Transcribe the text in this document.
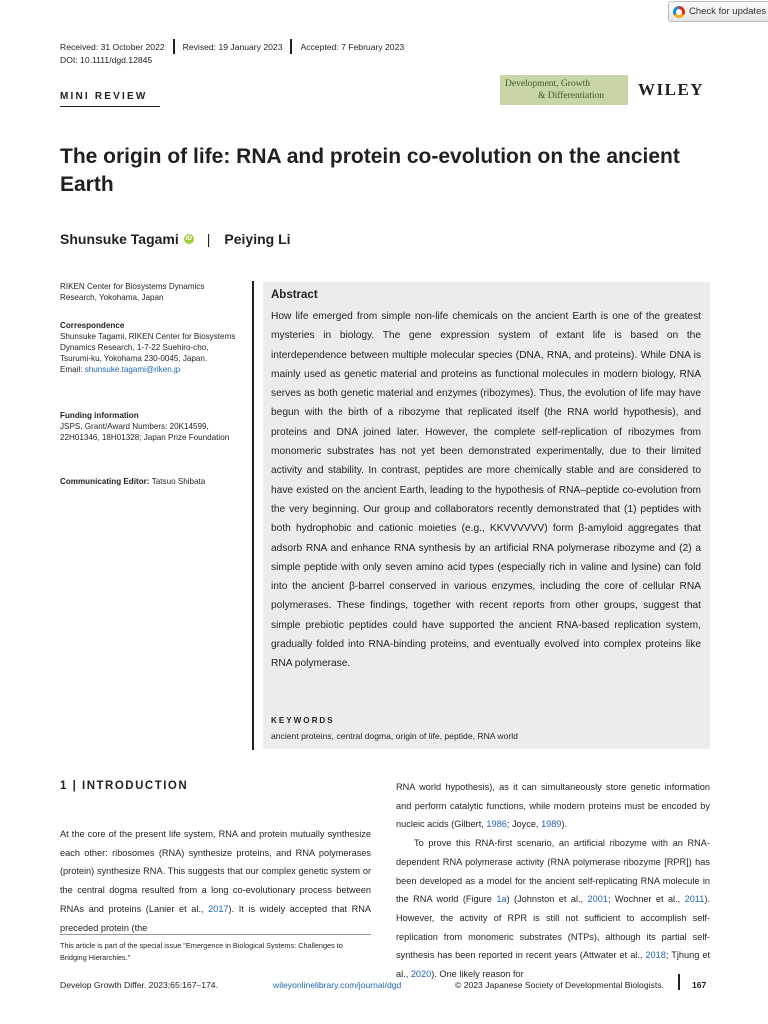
Check for updates
Received: 31 October 2022 Revised: 19 January 2023 Accepted: 7 February 2023
DOI: 10.1111/dgd.12845
MINI REVIEW
Development, Growth
& Differentiation WILEY
The origin of life: RNA and protein co-evolution on the ancient Earth
Shunsuke Tagami iD | Peiying Li
RIKEN Center for Biosystems Dynamics Research, Yokohama, Japan
Correspondence
Shunsuke Tagami, RIKEN Center for Biosystems Dynamics Research, 1-7-22 Suehiro-cho, Tsurumi-ku, Yokohama 230-0045, Japan.
Email: shunsuke.tagami@riken.jp
Funding information
JSPS, Grant/Award Numbers: 20K14599, 22H01346, 18H01328; Japan Prize Foundation
Communicating Editor: Tatsuo Shibata
Abstract
How life emerged from simple non-life chemicals on the ancient Earth is one of the greatest mysteries in biology. The gene expression system of extant life is based on the interdependence between multiple molecular species (DNA, RNA, and proteins). While DNA is mainly used as genetic material and proteins as functional molecules in modern biology, RNA serves as both genetic material and enzymes (ribozymes). Thus, the evolution of life may have begun with the birth of a ribozyme that replicated itself (the RNA world hypothesis), and proteins and DNA joined later. However, the complete self-replication of ribozymes from monomeric substrates has not yet been demonstrated experimentally, due to their limited activity and stability. In contrast, peptides are more chemically stable and are considered to have existed on the ancient Earth, leading to the hypothesis of RNA–peptide co-evolution from the very beginning. Our group and collaborators recently demonstrated that (1) peptides with both hydrophobic and cationic moieties (e.g., KKVVVVVV) form β-amyloid aggregates that adsorb RNA and enhance RNA synthesis by an artificial RNA polymerase ribozyme and (2) a simple peptide with only seven amino acid types (especially rich in valine and lysine) can fold into the ancient β-barrel conserved in various enzymes, including the core of cellular RNA polymerases. These findings, together with recent reports from other groups, suggest that simple prebiotic peptides could have supported the ancient RNA-based replication system, gradually folded into RNA-binding proteins, and eventually evolved into complex proteins like RNA polymerase.
KEYWORDS
ancient proteins, central dogma, origin of life, peptide, RNA world
1 | INTRODUCTION
At the core of the present life system, RNA and protein mutually synthesize each other: ribosomes (RNA) synthesize proteins, and RNA polymerases (protein) synthesize RNA. This suggests that our complex genetic system or the central dogma resulted from a long co-evolutionary process between RNAs and proteins (Lanier et al., 2017). It is widely accepted that RNA preceded protein (the
RNA world hypothesis), as it can simultaneously store genetic information and perform catalytic functions, while modern proteins must be encoded by nucleic acids (Gilbert, 1986; Joyce, 1989).
To prove this RNA-first scenario, an artificial ribozyme with an RNA-dependent RNA polymerase activity (RNA polymerase ribozyme [RPR]) has been developed as a model for the ancient self-replicating RNA molecule in the RNA world (Figure 1a) (Johnston et al., 2001; Wochner et al., 2011). However, the activity of RPR is still not sufficient to accomplish self-replication from monomeric substrates (NTPs), although its partial self-synthesis has been reported in recent years (Attwater et al., 2018; Tjhung et al., 2020). One likely reason for
This article is part of the special issue "Emergence in Biological Systems: Challenges to Bridging Hierarchies."
Develop Growth Differ. 2023;65:167–174.	wileyonlinelibrary.com/journal/dgd	© 2023 Japanese Society of Developmental Biologists.	167
